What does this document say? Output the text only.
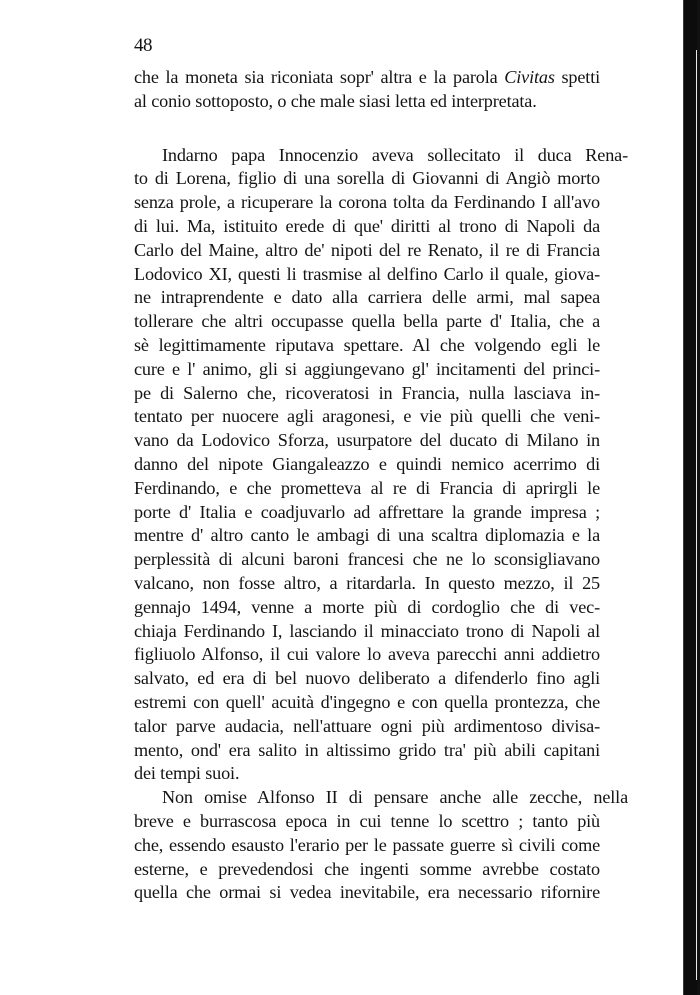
48
che la moneta sia riconiata sopr' altra e la parola Civitas spetti
al conio sottoposto, o che male siasi letta ed interpretata.
Indarno papa Innocenzio aveva sollecitato il duca Rena-
to di Lorena, figlio di una sorella di Giovanni di Angiò morto
senza prole, a ricuperare la corona tolta da Ferdinando I all'avo
di lui. Ma, istituito erede di que' diritti al trono di Napoli da
Carlo del Maine, altro de' nipoti del re Renato, il re di Francia
Lodovico XI, questi li trasmise al delfino Carlo il quale, giova-
ne intraprendente e dato alla carriera delle armi, mal sapea
tollerare che altri occupasse quella bella parte d' Italia, che a
sè legittimamente riputava spettare. Al che volgendo egli le
cure e l' animo, gli si aggiungevano gl' incitamenti del princi-
pe di Salerno che, ricoveratosi in Francia, nulla lasciava in-
tentato per nuocere agli aragonesi, e vie più quelli che veni-
vano da Lodovico Sforza, usurpatore del ducato di Milano in
danno del nipote Giangaleazzo e quindi nemico acerrimo di
Ferdinando, e che prometteva al re di Francia di aprirgli le
porte d' Italia e coadjuvarlo ad affrettare la grande impresa ;
mentre d' altro canto le ambagi di una scaltra diplomazia e la
perplessità di alcuni baroni francesi che ne lo sconsigliavano
valcano, non fosse altro, a ritardarla. In questo mezzo, il 25
gennajo 1494, venne a morte più di cordoglio che di vec-
chiaja Ferdinando I, lasciando il minacciato trono di Napoli al
figliuolo Alfonso, il cui valore lo aveva parecchi anni addietro
salvato, ed era di bel nuovo deliberato a difenderlo fino agli
estremi con quell' acuità d'ingegno e con quella prontezza, che
talor parve audacia, nell'attuare ogni più ardimentoso divisa-
mento, ond' era salito in altissimo grido tra' più abili capitani
dei tempi suoi.
Non omise Alfonso II di pensare anche alle zecche, nella
breve e burrascosa epoca in cui tenne lo scettro ; tanto più
che, essendo esausto l'erario per le passate guerre sì civili come
esterne, e prevedendosi che ingenti somme avrebbe costato
quella che ormai si vedea inevitabile, era necessario rifornire
